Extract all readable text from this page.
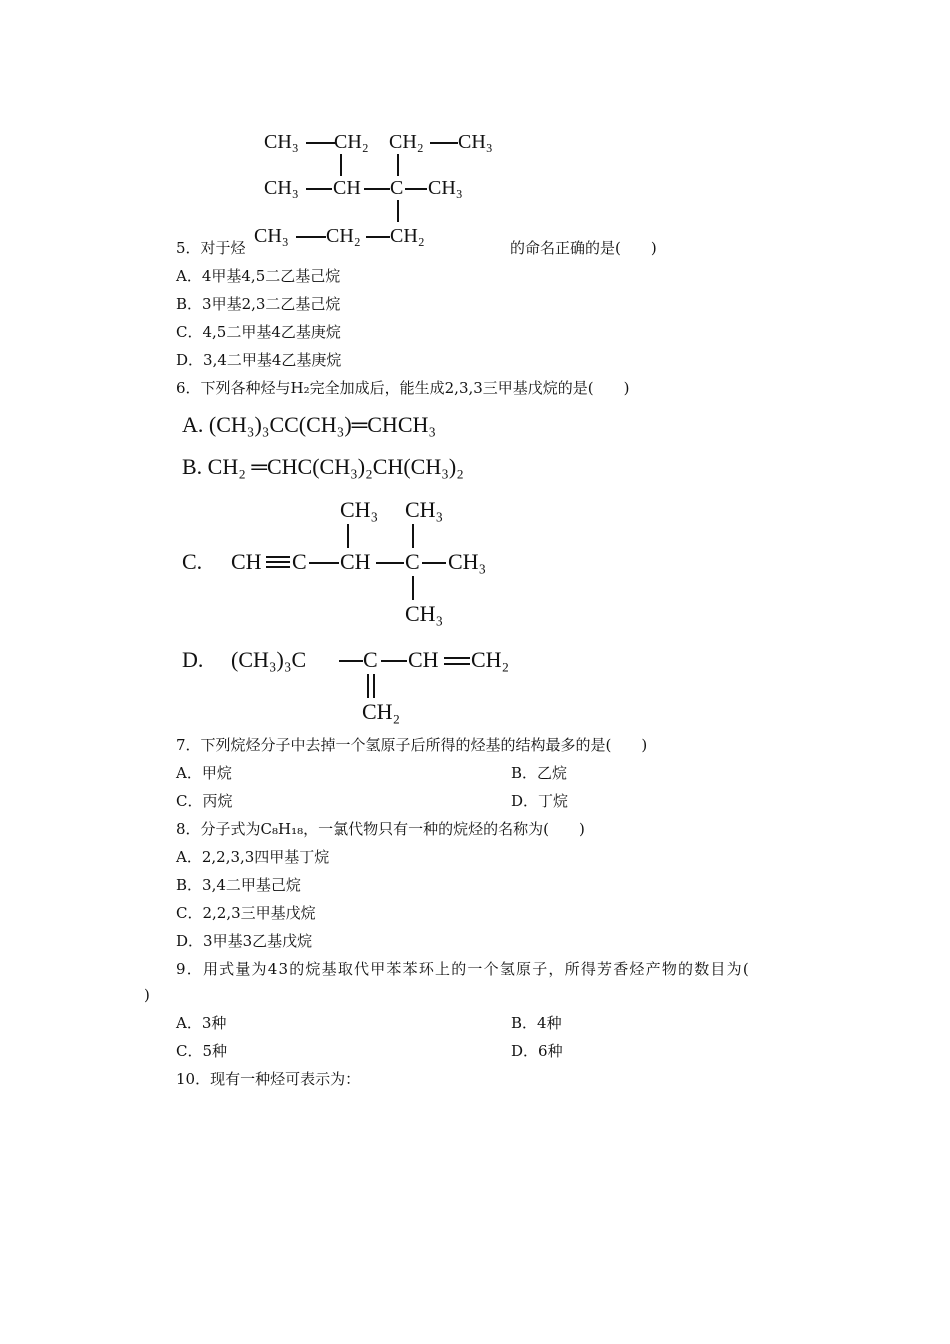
CH₃ CH₂ CH₂ CH₃
CH₃ CH C CH₃
CH₃ CH₂ CH₂
5．对于烃	的命名正确的是(　　)
A．4甲基4,5二乙基己烷
B．3甲基2,3二乙基己烷
C．4,5二甲基4乙基庚烷
D．3,4二甲基4乙基庚烷
6．下列各种烃与H₂完全加成后，能生成2,3,3三甲基戊烷的是(　　)
A. (CH₃)₃CC(CH₃)═CHCH₃
B. CH₂ ═CHC(CH₃)₂CH(CH₃)₂
C. CH C CH C CH₃
CH₃ CH₃
CH₃
D. (CH₃)₃C	C CH CH₂
CH₂
7．下列烷烃分子中去掉一个氢原子后所得的烃基的结构最多的是(　　)
A．甲烷	B．乙烷
C．丙烷	D．丁烷
8．分子式为C₈H₁₈，一氯代物只有一种的烷烃的名称为(　　)
A．2,2,3,3四甲基丁烷
B．3,4二甲基己烷
C．2,2,3三甲基戊烷
D．3甲基3乙基戊烷
9．用式量为43的烷基取代甲苯苯环上的一个氢原子，所得芳香烃产物的数目为(
)
A．3种	B．4种
C．5种	D．6种
10．现有一种烃可表示为：
